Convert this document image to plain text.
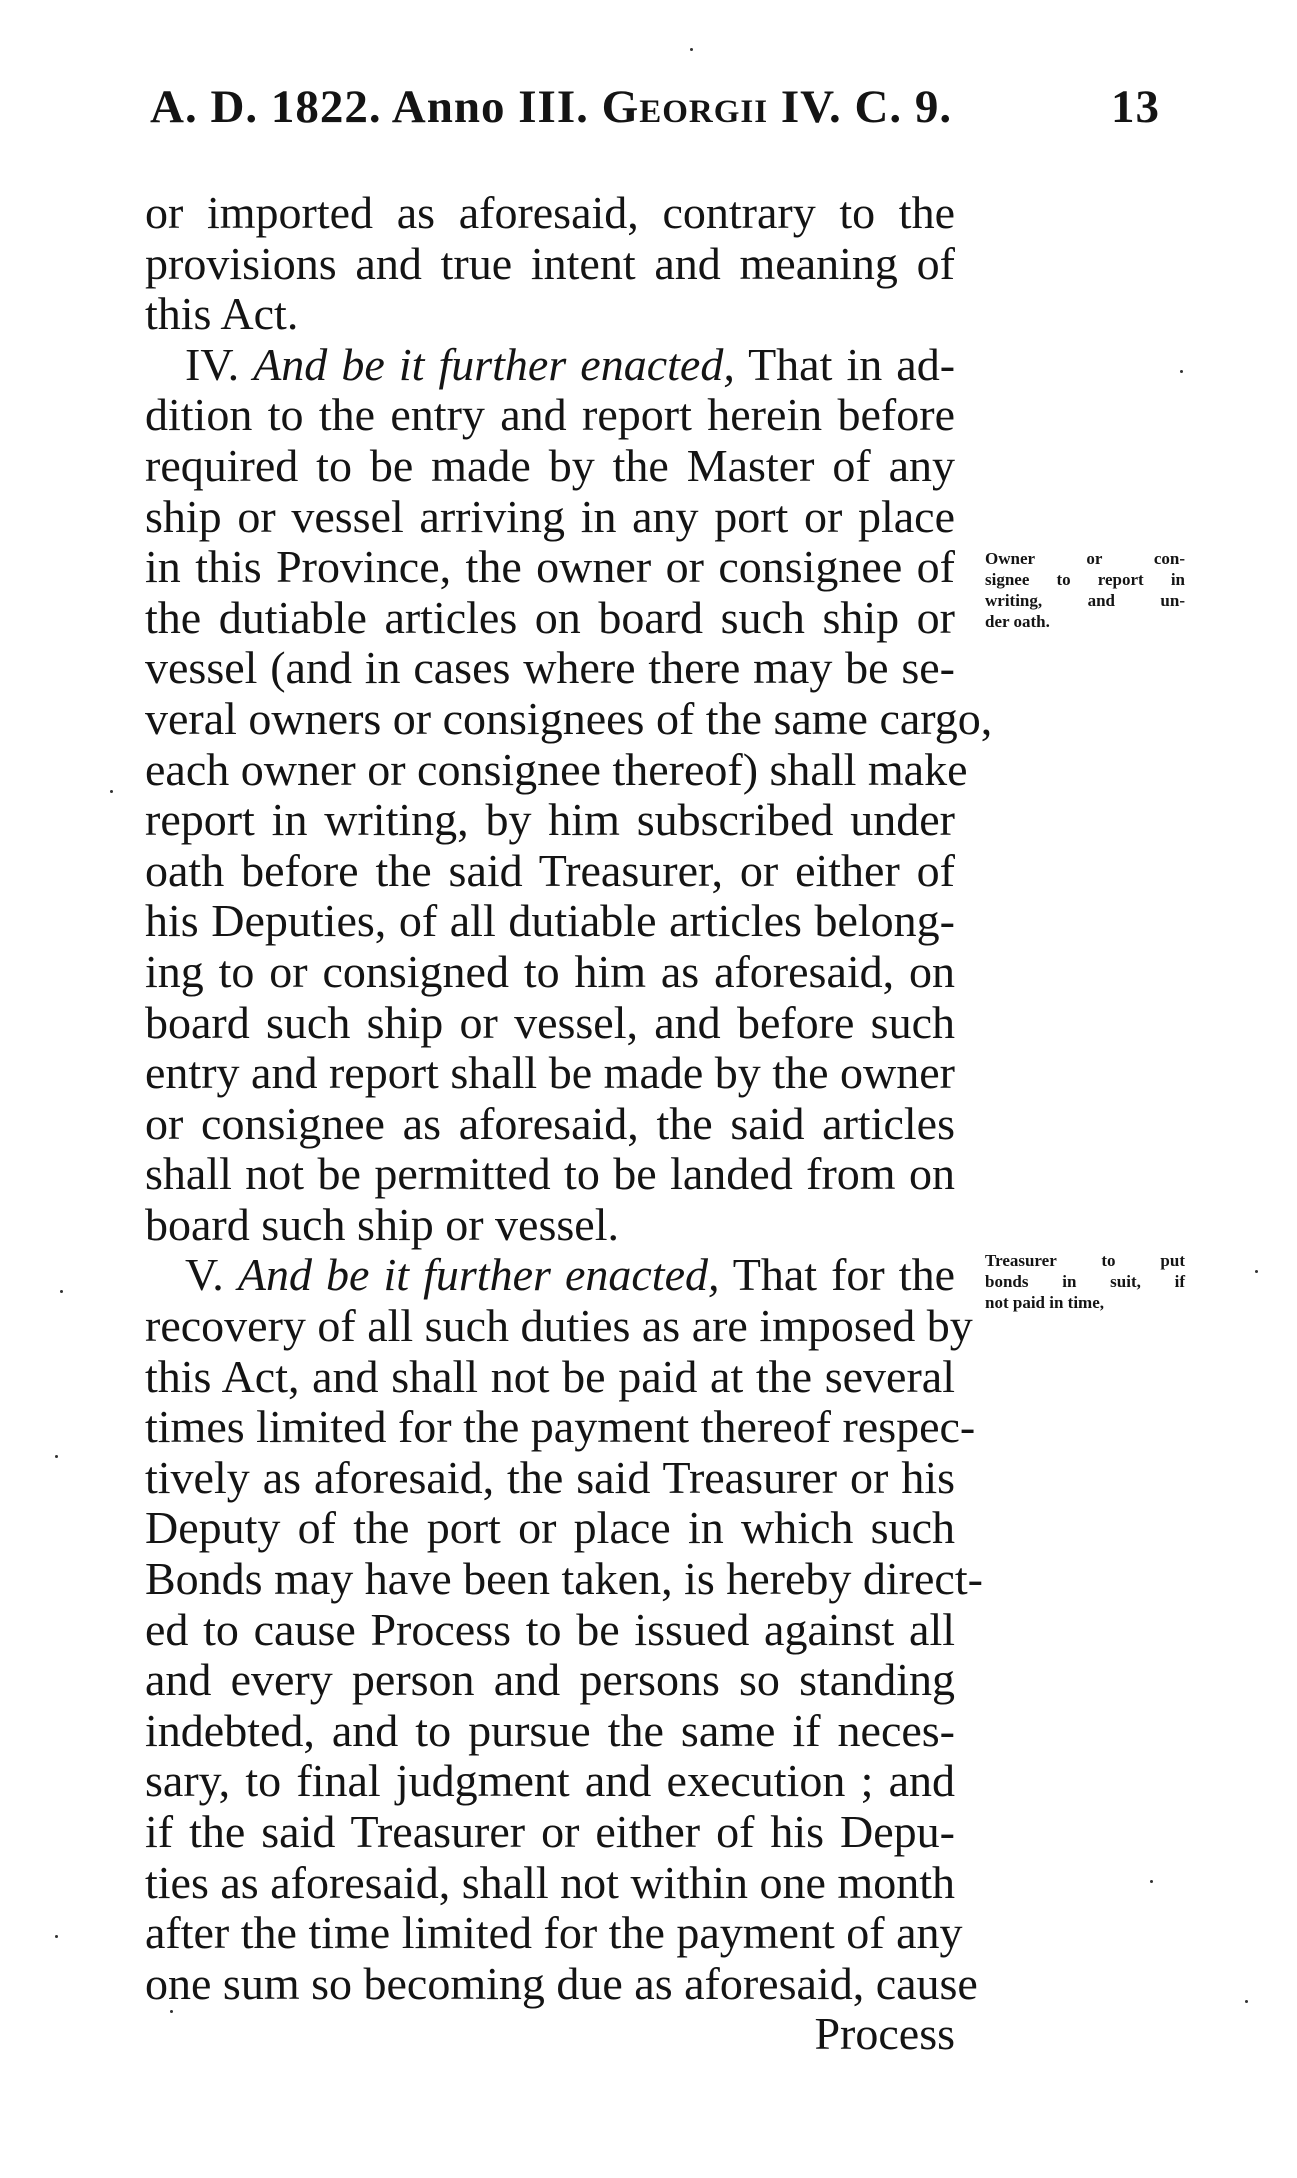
A. D. 1822. Anno III. Georgii IV. C. 9.	13
or imported as aforesaid, contrary to the
provisions and true intent and meaning of
this Act.
IV. And be it further enacted, That in ad-
dition to the entry and report herein before
required to be made by the Master of any
ship or vessel arriving in any port or place
in this Province, the owner or consignee of
the dutiable articles on board such ship or
vessel (and in cases where there may be se-
veral owners or consignees of the same cargo,
each owner or consignee thereof) shall make
report in writing, by him subscribed under
oath before the said Treasurer, or either of
his Deputies, of all dutiable articles belong-
ing to or consigned to him as aforesaid, on
board such ship or vessel, and before such
entry and report shall be made by the owner
or consignee as aforesaid, the said articles
shall not be permitted to be landed from on
board such ship or vessel.
V. And be it further enacted, That for the
recovery of all such duties as are imposed by
this Act, and shall not be paid at the several
times limited for the payment thereof respec-
tively as aforesaid, the said Treasurer or his
Deputy of the port or place in which such
Bonds may have been taken, is hereby direct-
ed to cause Process to be issued against all
and every person and persons so standing
indebted, and to pursue the same if neces-
sary, to final judgment and execution ; and
if the said Treasurer or either of his Depu-
ties as aforesaid, shall not within one month
after the time limited for the payment of any
one sum so becoming due as aforesaid, cause
Process
Owner or con-
signee to report in
writing, and un-
der oath.
Treasurer to put
bonds in suit, if
not paid in time,
